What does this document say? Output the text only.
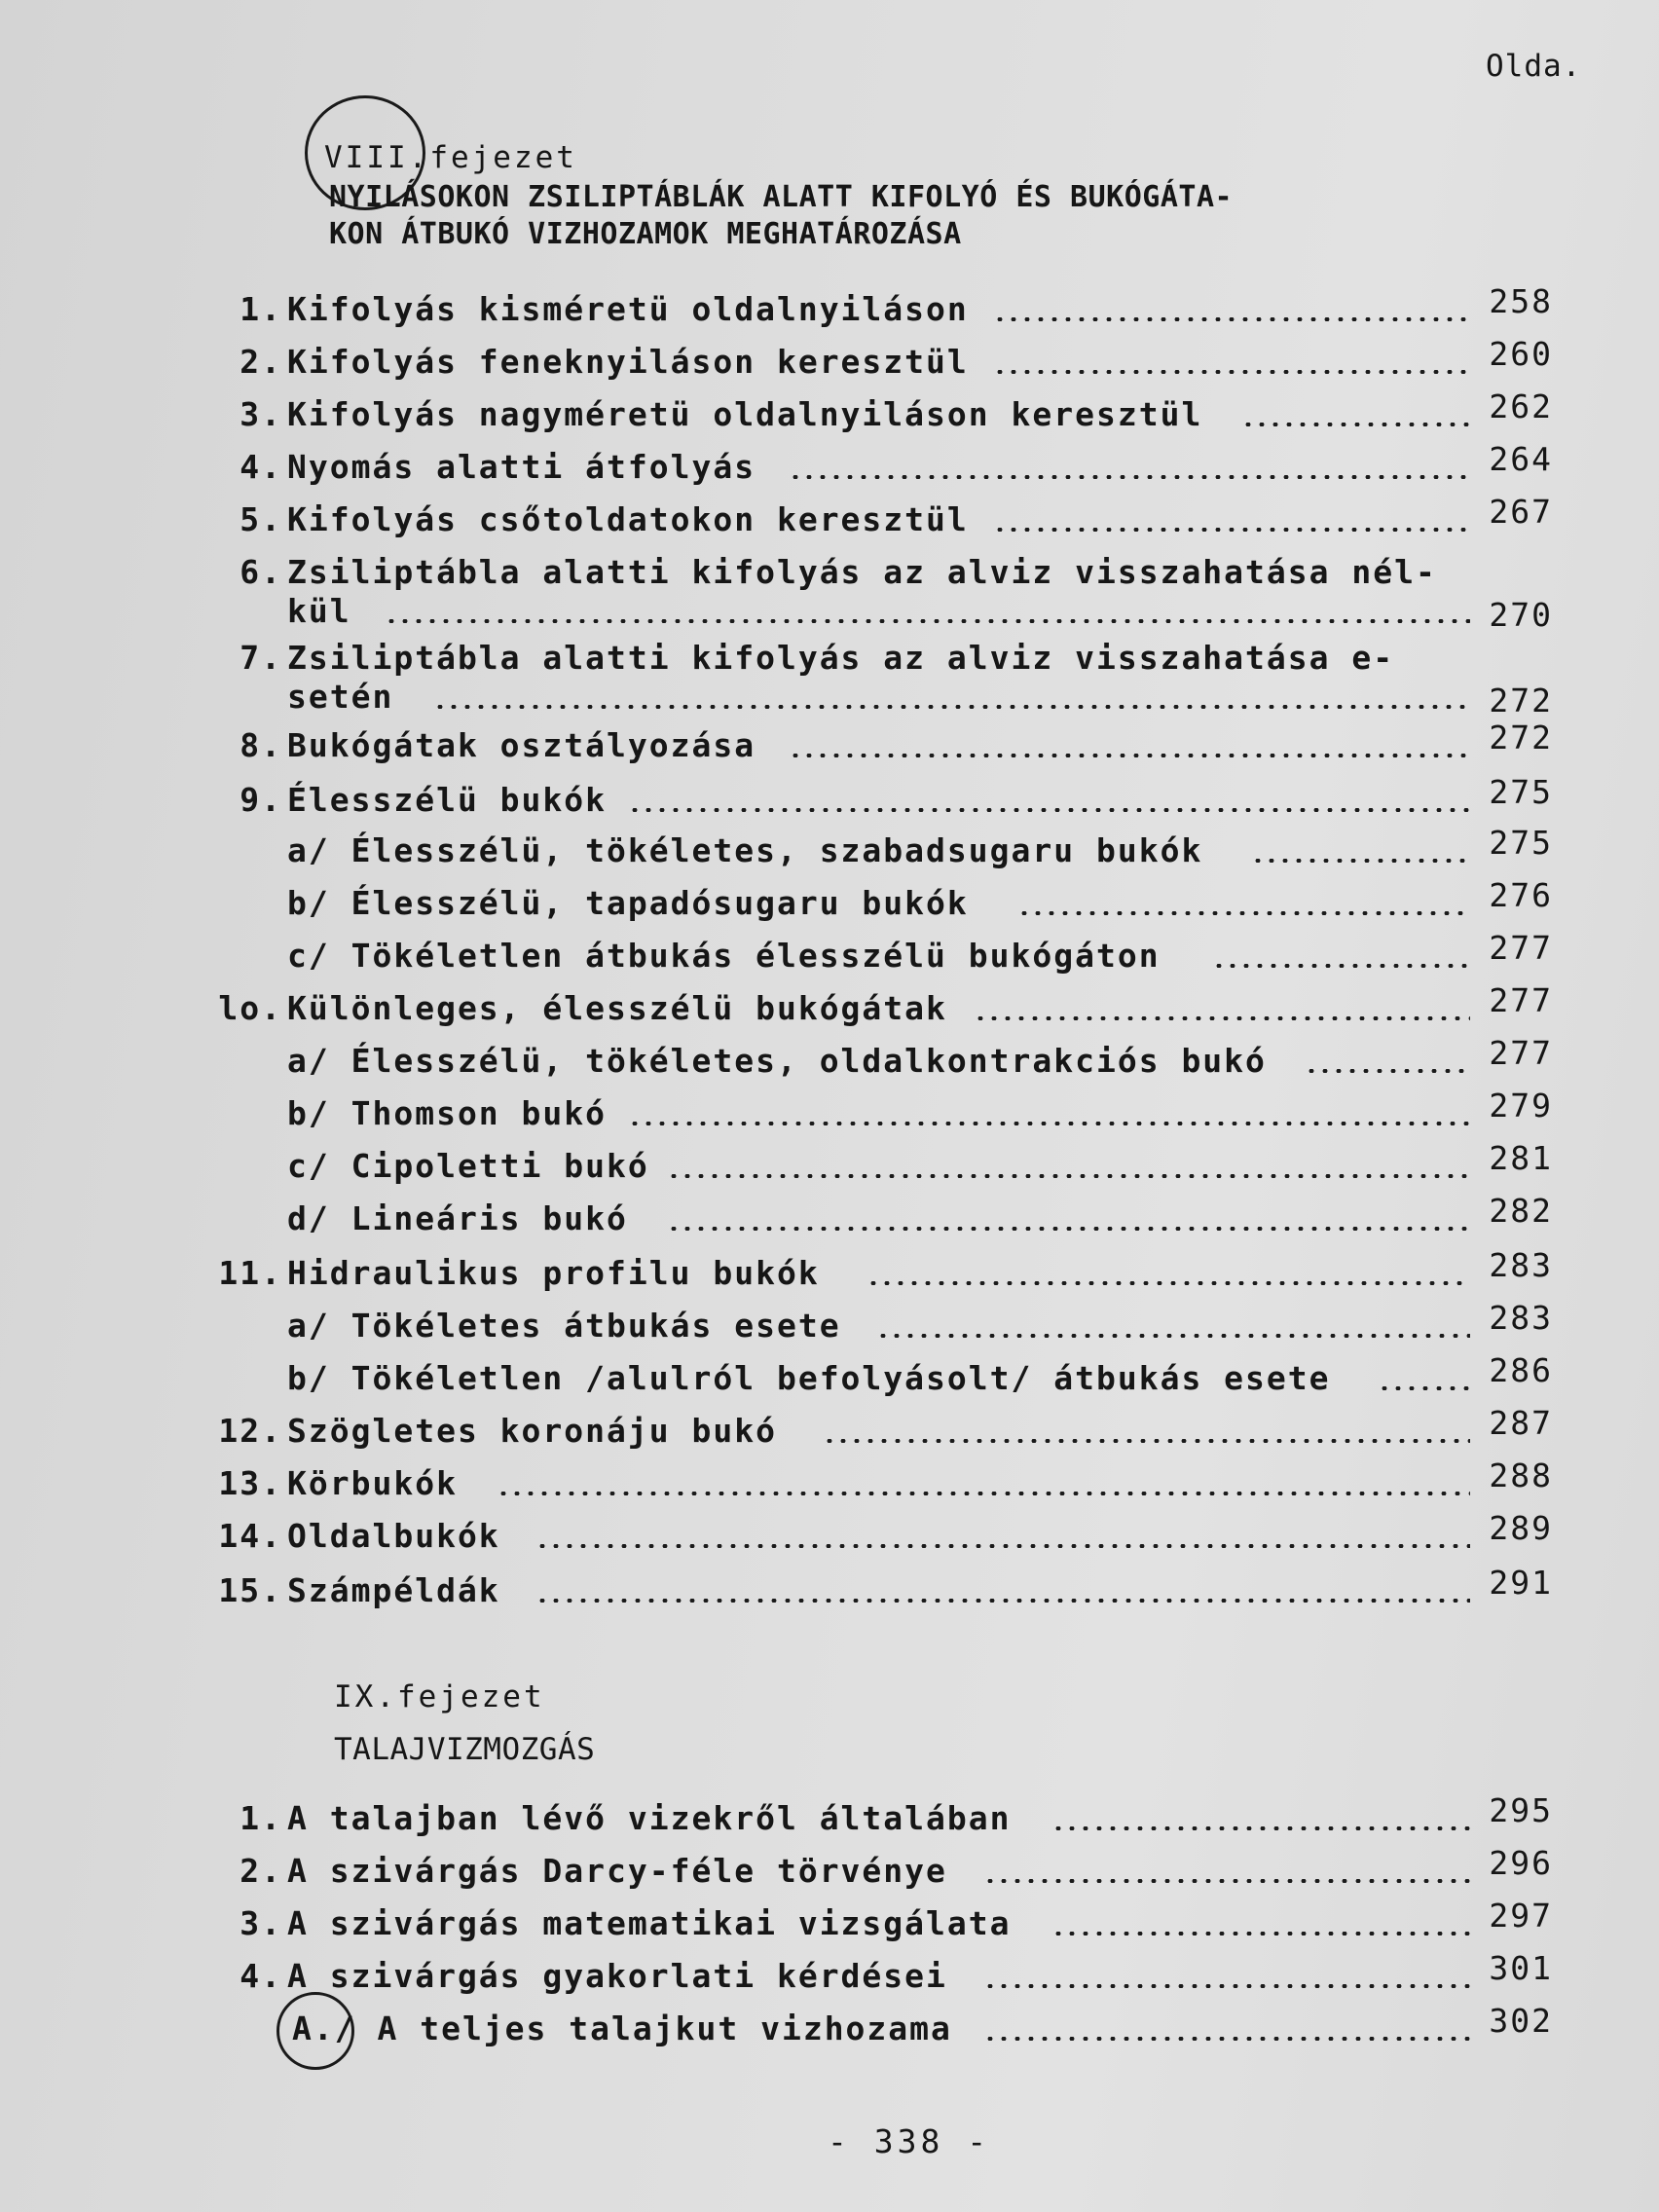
Olda.
VIII.fejezet
NYILÁSOKON ZSILIPTÁBLÁK ALATT KIFOLYÓ ÉS BUKÓGÁTA-
KON ÁTBUKÓ VIZHOZAMOK MEGHATÁROZÁSA
1. Kifolyás kisméretü oldalnyiláson	258
2. Kifolyás feneknyiláson keresztül	260
3. Kifolyás nagyméretü oldalnyiláson keresztül	262
4. Nyomás alatti átfolyás	264
5. Kifolyás csőtoldatokon keresztül	267
6. Zsiliptábla alatti kifolyás az alviz visszahatása nél-
kül	270
7. Zsiliptábla alatti kifolyás az alviz visszahatása e-
setén	272
8. Bukógátak osztályozása	272
9. Élesszélü bukók	275
a/ Élesszélü, tökéletes, szabadsugaru bukók	275
b/ Élesszélü, tapadósugaru bukók	276
c/ Tökéletlen átbukás élesszélü bukógáton	277
lo. Különleges, élesszélü bukógátak	277
a/ Élesszélü, tökéletes, oldalkontrakciós bukó	277
b/ Thomson bukó	279
c/ Cipoletti bukó	281
d/ Lineáris bukó	282
11. Hidraulikus profilu bukók	283
a/ Tökéletes átbukás esete	283
b/ Tökéletlen /alulról befolyásolt/ átbukás esete	286
12. Szögletes koronáju bukó	287
13. Körbukók	288
14. Oldalbukók	289
15. Számpéldák	291
IX.fejezet
TALAJVIZMOZGÁS
1. A talajban lévő vizekről általában	295
2. A szivárgás Darcy-féle törvénye	296
3. A szivárgás matematikai vizsgálata	297
4. A szivárgás gyakorlati kérdései	301
A./ A teljes talajkut vizhozama	302
- 338 -
